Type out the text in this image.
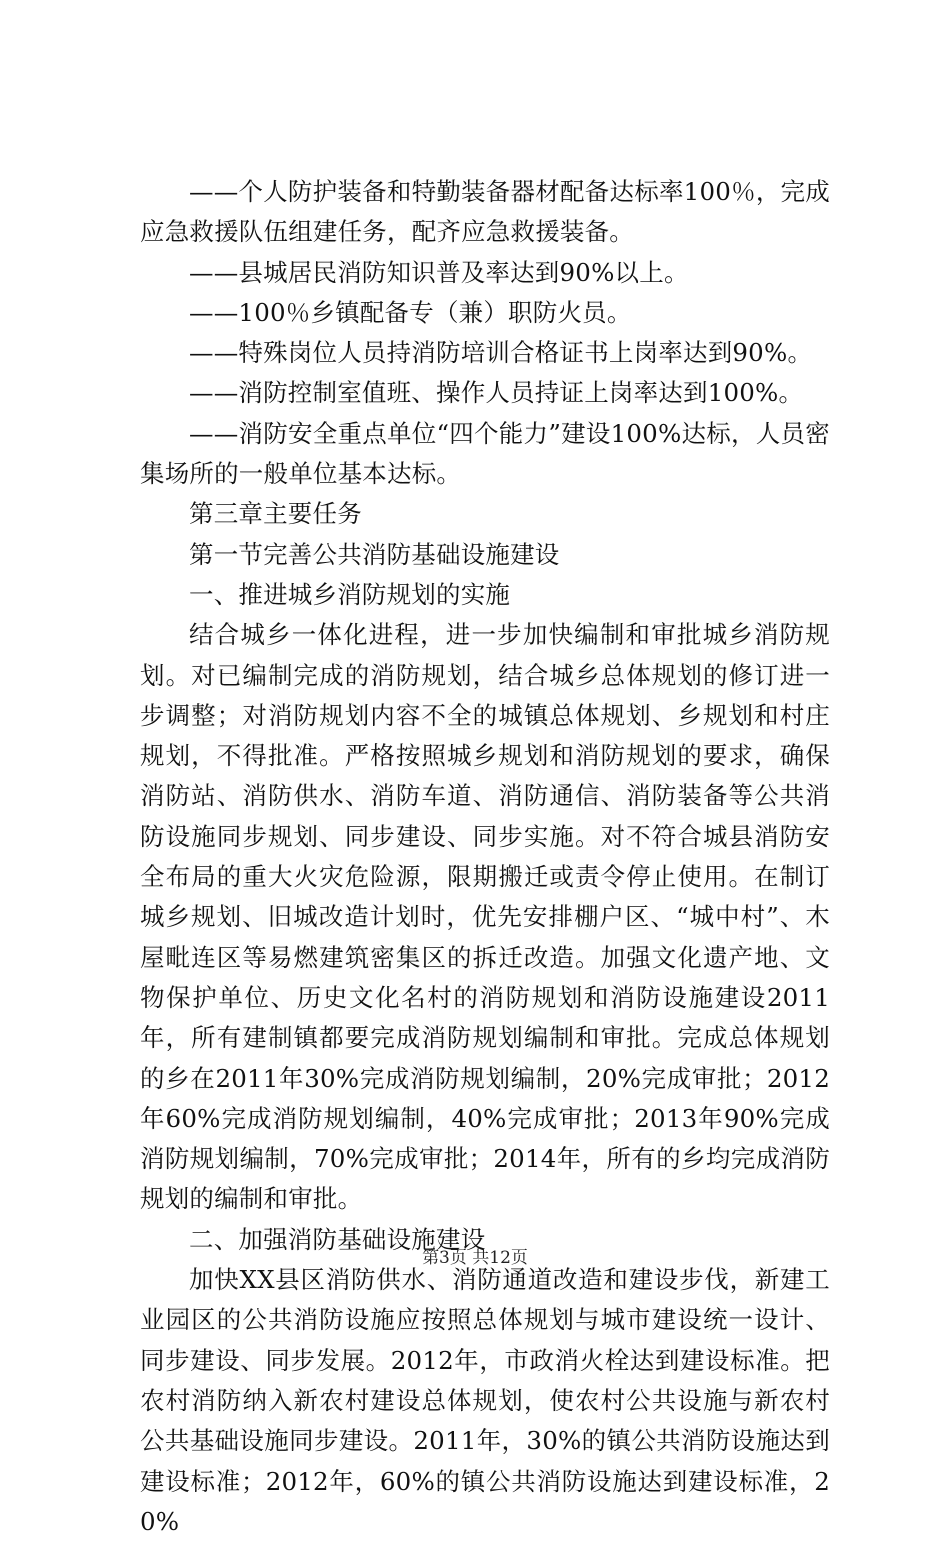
——个人防护装备和特勤装备器材配备达标率100％，完成应急救援队伍组建任务，配齐应急救援装备。

——县城居民消防知识普及率达到90%以上。

——100％乡镇配备专（兼）职防火员。

——特殊岗位人员持消防培训合格证书上岗率达到90%。

——消防控制室值班、操作人员持证上岗率达到100%。

——消防安全重点单位“四个能力”建设100%达标，人员密集场所的一般单位基本达标。

第三章主要任务

第一节完善公共消防基础设施建设

一、推进城乡消防规划的实施

结合城乡一体化进程，进一步加快编制和审批城乡消防规划。对已编制完成的消防规划，结合城乡总体规划的修订进一步调整；对消防规划内容不全的城镇总体规划、乡规划和村庄规划，不得批准。严格按照城乡规划和消防规划的要求，确保消防站、消防供水、消防车道、消防通信、消防装备等公共消防设施同步规划、同步建设、同步实施。对不符合城县消防安全布局的重大火灾危险源，限期搬迁或责令停止使用。在制订城乡规划、旧城改造计划时，优先安排棚户区、“城中村”、木屋毗连区等易燃建筑密集区的拆迁改造。加强文化遗产地、文物保护单位、历史文化名村的消防规划和消防设施建设2011年，所有建制镇都要完成消防规划编制和审批。完成总体规划的乡在2011年30%完成消防规划编制，20%完成审批；2012年60%完成消防规划编制，40%完成审批；2013年90%完成消防规划编制，70%完成审批；2014年，所有的乡均完成消防规划的编制和审批。

二、加强消防基础设施建设

加快XX县区消防供水、消防通道改造和建设步伐，新建工业园区的公共消防设施应按照总体规划与城市建设统一设计、同步建设、同步发展。2012年，市政消火栓达到建设标准。把农村消防纳入新农村建设总体规划，使农村公共设施与新农村公共基础设施同步建设。2011年，30%的镇公共消防设施达到建设标准；2012年，60%的镇公共消防设施达到建设标准，20%

第3页 共12页
